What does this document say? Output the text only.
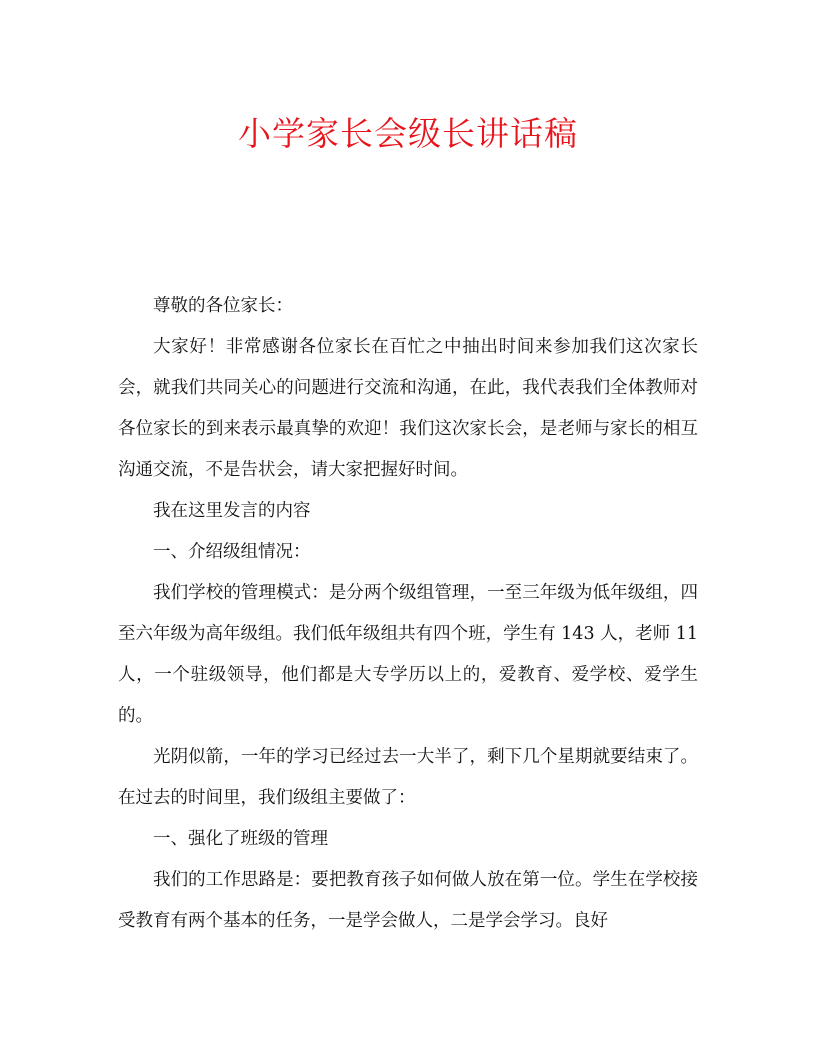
小学家长会级长讲话稿

尊敬的各位家长：

大家好！非常感谢各位家长在百忙之中抽出时间来参加我们这次家长会，就我们共同关心的问题进行交流和沟通，在此，我代表我们全体教师对各位家长的到来表示最真挚的欢迎！我们这次家长会，是老师与家长的相互沟通交流，不是告状会，请大家把握好时间。

我在这里发言的内容

一、介绍级组情况：

我们学校的管理模式：是分两个级组管理，一至三年级为低年级组，四至六年级为高年级组。我们低年级组共有四个班，学生有 143 人，老师 11 人，一个驻级领导，他们都是大专学历以上的，爱教育、爱学校、爱学生的。

光阴似箭，一年的学习已经过去一大半了，剩下几个星期就要结束了。在过去的时间里，我们级组主要做了：

一、强化了班级的管理

我们的工作思路是：要把教育孩子如何做人放在第一位。学生在学校接受教育有两个基本的任务，一是学会做人，二是学会学习。良好
